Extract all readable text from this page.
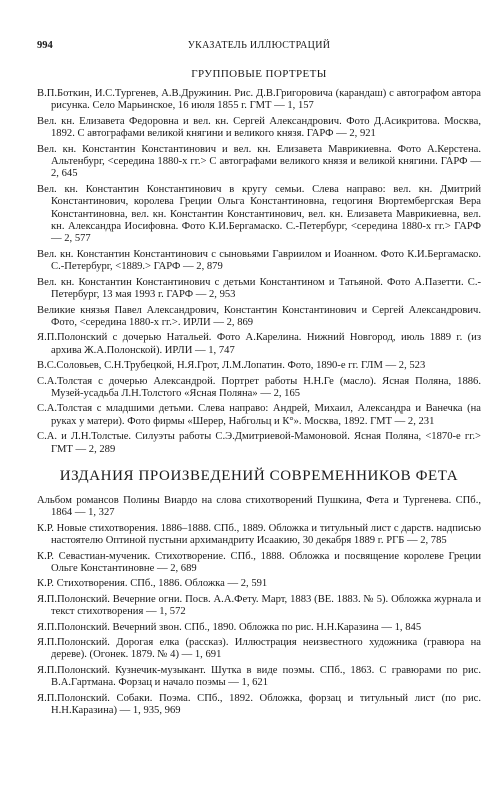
994	УКАЗАТЕЛЬ ИЛЛЮСТРАЦИЙ
ГРУППОВЫЕ ПОРТРЕТЫ

В.П.Боткин, И.С.Тургенев, А.В.Дружинин. Рис. Д.В.Григоровича (карандаш) с автографом автора рисунка. Село Марьинское, 16 июля 1855 г. ГМТ — 1, 157

Вел. кн. Елизавета Федоровна и вел. кн. Сергей Александрович. Фото Д.Асикритова. Москва, 1892. С автографами великой княгини и великого князя. ГАРФ — 2, 921

Вел. кн. Константин Константинович и вел. кн. Елизавета Маврикиевна. Фото А.Керстена. Альтенбург, <середина 1880-х гг.> С автографами великого князя и великой княгини. ГАРФ — 2, 645

Вел. кн. Константин Константинович в кругу семьи. Слева направо: вел. кн. Дмитрий Константинович, королева Греции Ольга Константиновна, гецогиня Вюртембергская Вера Константиновна, вел. кн. Константин Константинович, вел. кн. Елизавета Маврикиевна, вел. кн. Александра Иосифовна. Фото К.И.Бергамаско. С.-Петербург, <середина 1880-х гг.> ГАРФ — 2, 577

Вел. кн. Константин Константинович с сыновьями Гавриилом и Иоанном. Фото К.И.Бергамаско. С.-Петербург, <1889.> ГАРФ — 2, 879

Вел. кн. Константин Константинович с детьми Константином и Татьяной. Фото А.Пазетти. С.-Петербург, 13 мая 1993 г. ГАРФ — 2, 953

Великие князья Павел Александрович, Константин Константинович и Сергей Александрович. Фото, <середина 1880-х гг.>. ИРЛИ — 2, 869

Я.П.Полонский с дочерью Натальей. Фото А.Карелина. Нижний Новгород, июль 1889 г. (из архива Ж.А.Полонской). ИРЛИ — 1, 747

В.С.Соловьев, С.Н.Трубецкой, Н.Я.Грот, Л.М.Лопатин. Фото, 1890-е гг. ГЛМ — 2, 523

С.А.Толстая с дочерью Александрой. Портрет работы Н.Н.Ге (масло). Ясная Поляна, 1886. Музей-усадьба Л.Н.Толстого «Ясная Поляна» — 2, 165

С.А.Толстая с младшими детьми. Слева направо: Андрей, Михаил, Александра и Ванечка (на руках у матери). Фото фирмы «Шерер, Набгольц и К°». Москва, 1892. ГМТ — 2, 231

С.А. и Л.Н.Толстые. Силуэты работы С.Э.Дмитриевой-Мамоновой. Ясная Поляна, <1870-е гг.> ГМТ — 2, 289

ИЗДАНИЯ ПРОИЗВЕДЕНИЙ СОВРЕМЕННИКОВ ФЕТА

Альбом романсов Полины Виардо на слова стихотворений Пушкина, Фета и Тургенева. СПб., 1864 — 1, 327

К.Р. Новые стихотворения. 1886–1888. СПб., 1889. Обложка и титульный лист с дарств. надписью настоятелю Оптиной пустыни архимандриту Исаакию, 30 декабря 1889 г. РГБ — 2, 785

К.Р. Севастиан-мученик. Стихотворение. СПб., 1888. Обложка и посвящение королеве Греции Ольге Константиновне — 2, 689

К.Р. Стихотворения. СПб., 1886. Обложка — 2, 591

Я.П.Полонский. Вечерние огни. Посв. А.А.Фету. Март, 1883 (ВЕ. 1883. № 5). Обложка журнала и текст стихотворения — 1, 572

Я.П.Полонский. Вечерний звон. СПб., 1890. Обложка по рис. Н.Н.Каразина — 1, 845

Я.П.Полонский. Дорогая елка (рассказ). Иллюстрация неизвестного художника (гравюра на дереве). (Огонек. 1879. № 4) — 1, 691

Я.П.Полонский. Кузнечик-музыкант. Шутка в виде поэмы. СПб., 1863. С гравюрами по рис. В.А.Гартмана. Форзац и начало поэмы — 1, 621

Я.П.Полонский. Собаки. Поэма. СПб., 1892. Обложка, форзац и титульный лист (по рис. Н.Н.Каразина) — 1, 935, 969
